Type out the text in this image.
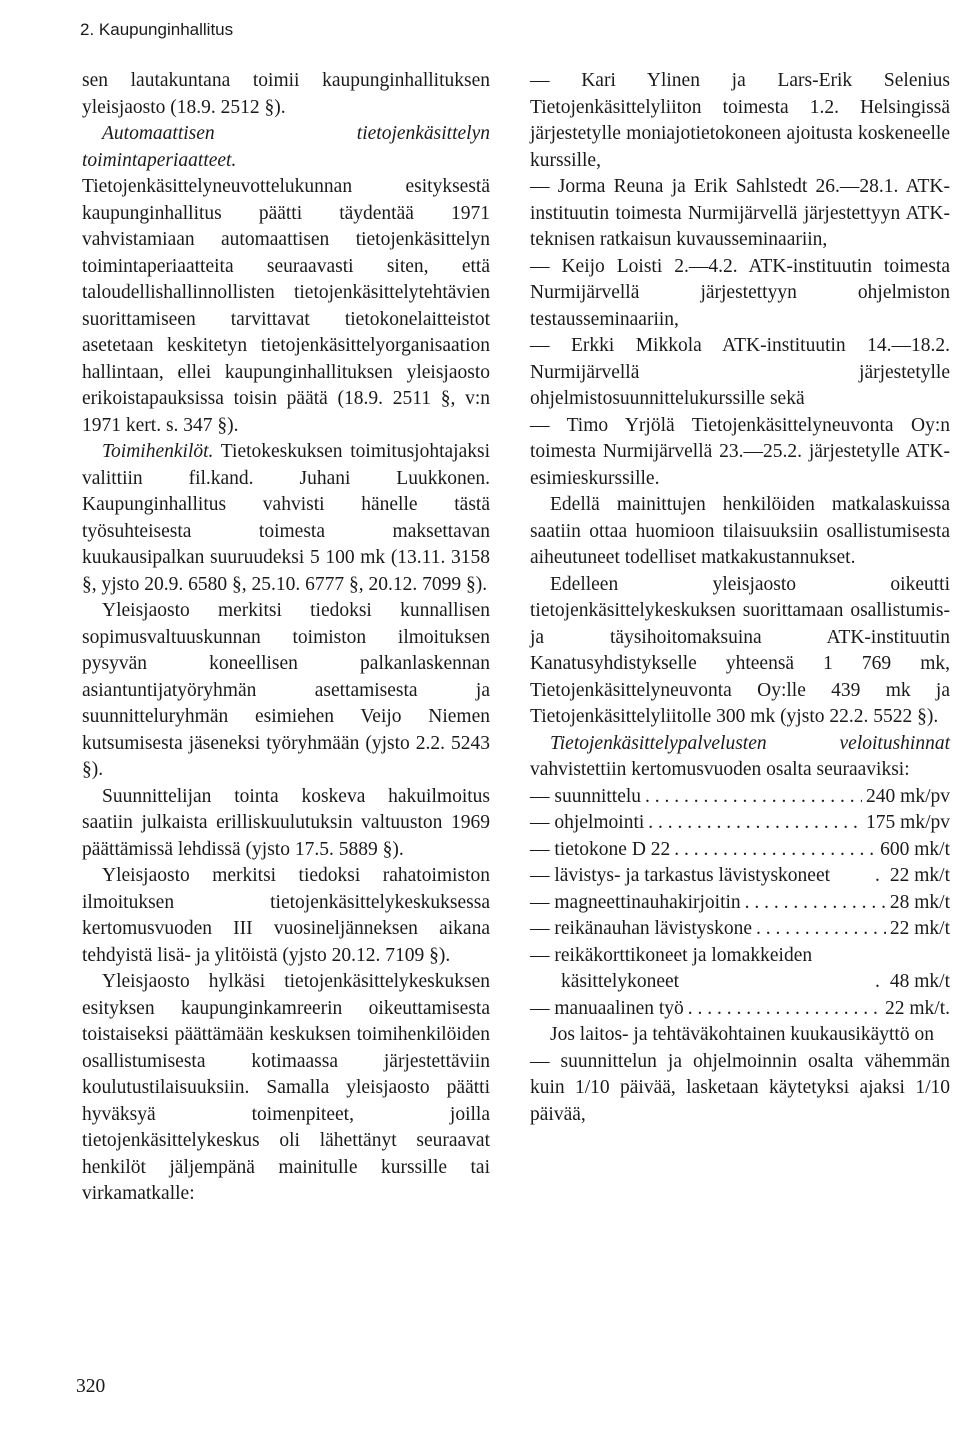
2. Kaupunginhallitus

sen lautakuntana toimii kaupunginhallituksen yleisjaosto (18.9. 2512 §).

Automaattisen tietojenkäsittelyn toimintaperiaatteet. Tietojenkäsittelyneuvottelukunnan esityksestä kaupunginhallitus päätti täydentää 1971 vahvistamiaan automaattisen tietojenkäsittelyn toimintaperiaatteita seuraavasti siten, että taloudellishallinnollisten tietojenkäsittelytehtävien suorittamiseen tarvittavat tietokonelaitteistot asetetaan keskitetyn tietojenkäsittelyorganisaation hallintaan, ellei kaupunginhallituksen yleisjaosto erikoistapauksissa toisin päätä (18.9. 2511 §, v:n 1971 kert. s. 347 §).

Toimihenkilöt. Tietokeskuksen toimitusjohtajaksi valittiin fil.kand. Juhani Luukkonen. Kaupunginhallitus vahvisti hänelle tästä työsuhteisesta toimesta maksettavan kuukausipalkan suuruudeksi 5 100 mk (13.11. 3158 §, yjsto 20.9. 6580 §, 25.10. 6777 §, 20.12. 7099 §).

Yleisjaosto merkitsi tiedoksi kunnallisen sopimusvaltuuskunnan toimiston ilmoituksen pysyvän koneellisen palkanlaskennan asiantuntijatyöryhmän asettamisesta ja suunnitteluryhmän esimiehen Veijo Niemen kutsumisesta jäseneksi työryhmään (yjsto 2.2. 5243 §).

Suunnittelijan tointa koskeva hakuilmoitus saatiin julkaista erilliskuulutuksin valtuuston 1969 päättämissä lehdissä (yjsto 17.5. 5889 §).

Yleisjaosto merkitsi tiedoksi rahatoimiston ilmoituksen tietojenkäsittelykeskuksessa kertomusvuoden III vuosineljänneksen aikana tehdyistä lisä- ja ylitöistä (yjsto 20.12. 7109 §).

Yleisjaosto hylkäsi tietojenkäsittelykeskuksen esityksen kaupunginkamreerin oikeuttamisesta toistaiseksi päättämään keskuksen toimihenkilöiden osallistumisesta kotimaassa järjestettäviin koulutustilaisuuksiin. Samalla yleisjaosto päätti hyväksyä toimenpiteet, joilla tietojenkäsittelykeskus oli lähettänyt seuraavat henkilöt jäljempänä mainitulle kurssille tai virkamatkalle:

— Kari Ylinen ja Lars-Erik Selenius Tietojenkäsittelyliiton toimesta 1.2. Helsingissä järjestetylle moniajotietokoneen ajoitusta koskeneelle kurssille,

— Jorma Reuna ja Erik Sahlstedt 26.—28.1. ATK-instituutin toimesta Nurmijärvellä järjestettyyn ATK-teknisen ratkaisun kuvausseminaariin,

— Keijo Loisti 2.—4.2. ATK-instituutin toimesta Nurmijärvellä järjestettyyn ohjelmiston testausseminaariin,

— Erkki Mikkola ATK-instituutin 14.—18.2. Nurmijärvellä järjestetylle ohjelmistosuunnittelukurssille sekä

— Timo Yrjölä Tietojenkäsittelyneuvonta Oy:n toimesta Nurmijärvellä 23.—25.2. järjestetylle ATK-esimieskurssille.

Edellä mainittujen henkilöiden matkalaskuissa saatiin ottaa huomioon tilaisuuksiin osallistumisesta aiheutuneet todelliset matkakustannukset.

Edelleen yleisjaosto oikeutti tietojenkäsittelykeskuksen suorittamaan osallistumis- ja täysihoitomaksuina ATK-instituutin Kanatusyhdistykselle yhteensä 1 769 mk, Tietojenkäsittelyneuvonta Oy:lle 439 mk ja Tietojenkäsittelyliitolle 300 mk (yjsto 22.2. 5522 §).

Tietojenkäsittelypalvelusten veloitushinnat vahvistettiin kertomusvuoden osalta seuraaviksi:

— suunnittelu . . .	240 mk/pv
— ohjelmointi . . .	175 mk/pv
— tietokone D 22 . . .	600 mk/t
— lävistys- ja tarkastus lävistyskoneet . . .	22 mk/t
— magneettinauhakirjoitin . . .	28 mk/t
— reikänauhan lävistyskone . . .	22 mk/t
— reikäkorttikoneet ja lomakkeiden käsittelykoneet . . .	48 mk/t
— manuaalinen työ . . .	22 mk/t.

Jos laitos- ja tehtäväkohtainen kuukausikäyttö on

— suunnittelun ja ohjelmoinnin osalta vähemmän kuin 1/10 päivää, lasketaan käytetyksi ajaksi 1/10 päivää,

320
